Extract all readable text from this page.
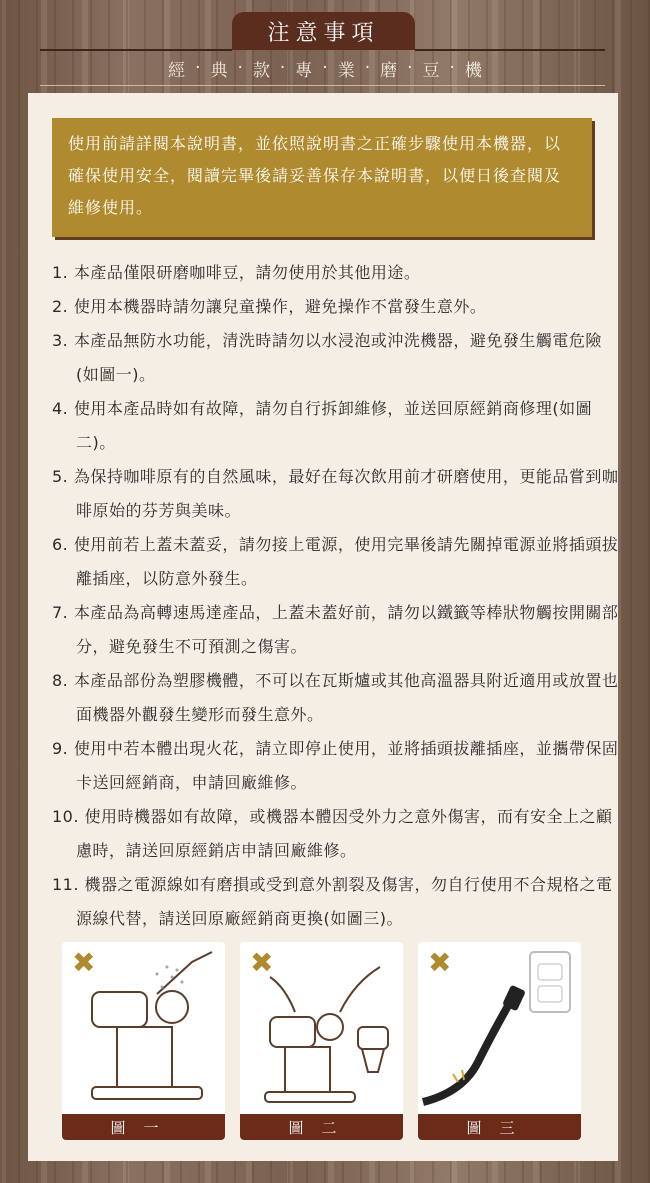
注意事項
經 · 典 · 款 · 專 · 業 · 磨 · 豆 · 機
使用前請詳閱本說明書，並依照說明書之正確步驟使用本機器，以確保使用安全，閱讀完畢後請妥善保存本說明書，以便日後查閱及維修使用。
1. 本產品僅限研磨咖啡豆，請勿使用於其他用途。
2. 使用本機器時請勿讓兒童操作，避免操作不當發生意外。
3. 本產品無防水功能，清洗時請勿以水浸泡或沖洗機器，避免發生觸電危險(如圖一)。
4. 使用本產品時如有故障，請勿自行拆卸維修，並送回原經銷商修理(如圖二)。
5. 為保持咖啡原有的自然風味，最好在每次飲用前才研磨使用，更能品嘗到咖啡原始的芬芳與美味。
6. 使用前若上蓋未蓋妥，請勿接上電源，使用完畢後請先關掉電源並將插頭拔離插座，以防意外發生。
7. 本產品為高轉速馬達產品，上蓋未蓋好前，請勿以鐵籤等棒狀物觸按開關部分，避免發生不可預測之傷害。
8. 本產品部份為塑膠機體，不可以在瓦斯爐或其他高溫器具附近適用或放置也面機器外觀發生變形而發生意外。
9. 使用中若本體出現火花，請立即停止使用，並將插頭拔離插座，並攜帶保固卡送回經銷商，申請回廠維修。
10. 使用時機器如有故障，或機器本體因受外力之意外傷害，而有安全上之顧慮時，請送回原經銷店申請回廠維修。
11. 機器之電源線如有磨損或受到意外割裂及傷害，勿自行使用不合規格之電源線代替，請送回原廠經銷商更換(如圖三)。
✖
圖一
✖
圖二
✖
圖三
